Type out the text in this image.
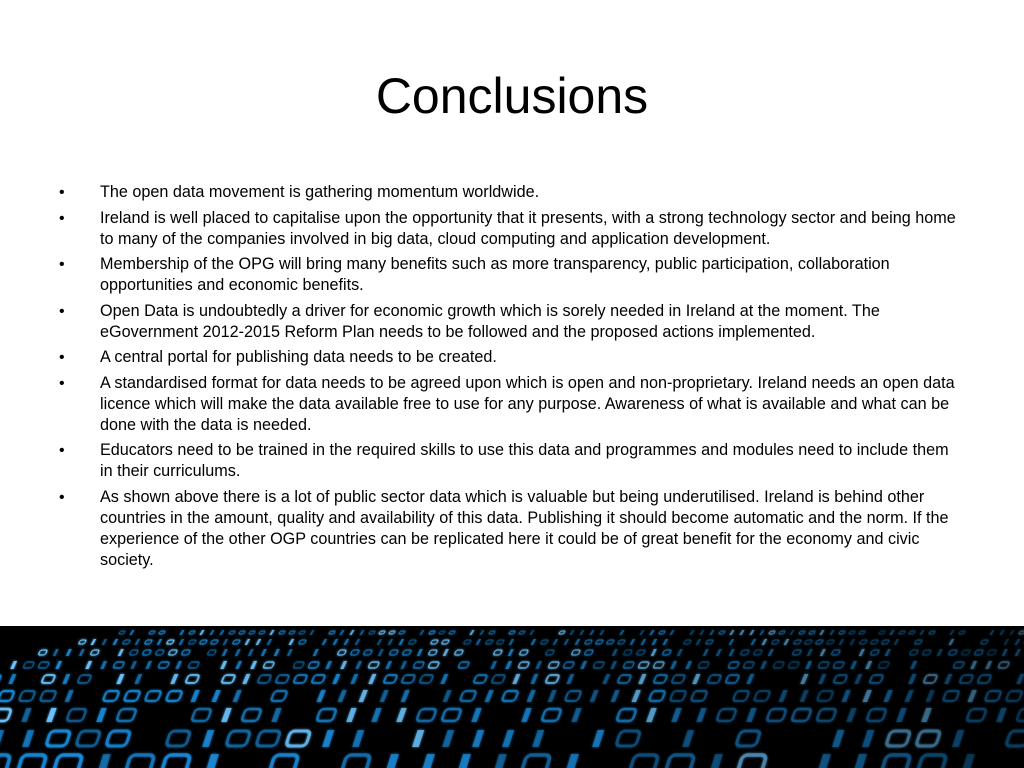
Conclusions
• The open data movement is gathering momentum worldwide.
• Ireland is well placed to capitalise upon the opportunity that it presents, with a strong technology sector and being home to many of the companies involved in big data, cloud computing and application development.
• Membership of the OPG will bring many benefits such as more transparency, public participation, collaboration opportunities and economic benefits.
• Open Data is undoubtedly a driver for economic growth which is sorely needed in Ireland at the moment. The eGovernment 2012-2015 Reform Plan needs to be followed and the proposed actions implemented.
• A central portal for publishing data needs to be created.
• A standardised format for data needs to be agreed upon which is open and non-proprietary. Ireland needs an open data licence which will make the data available free to use for any purpose. Awareness of what is available and what can be done with the data is needed.
• Educators need to be trained in the required skills to use this data and programmes and modules need to include them in their curriculums.
• As shown above there is a lot of public sector data which is valuable but being underutilised. Ireland is behind other countries in the amount, quality and availability of this data. Publishing it should become automatic and the norm. If the experience of the other OGP countries can be replicated here it could be of great benefit for the economy and civic society.
